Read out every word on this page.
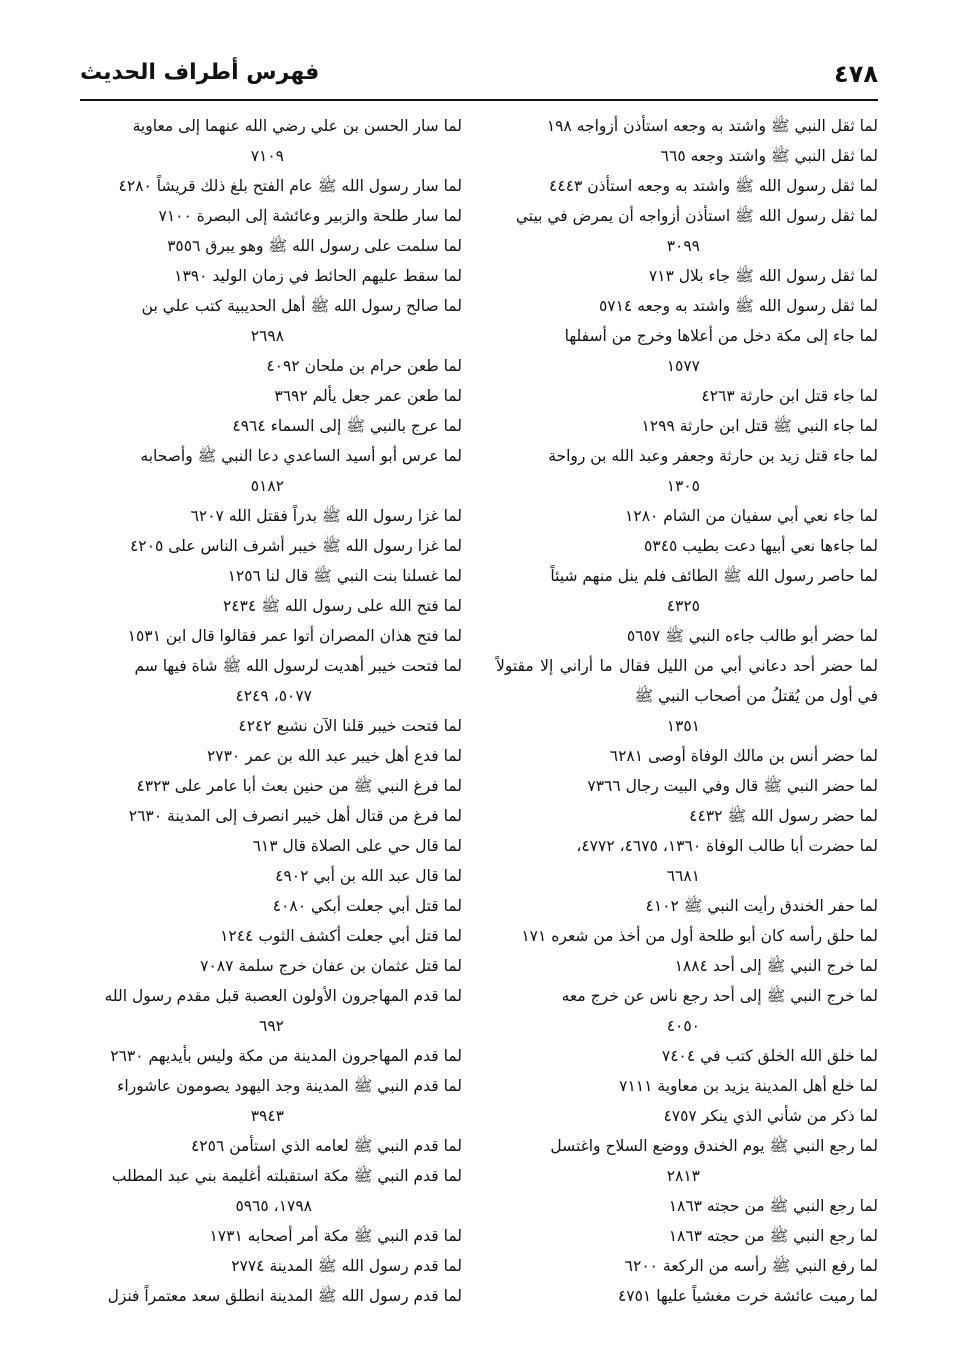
٤٧٨
فهرس أطراف الحديث
لما ثقل النبي ﷺ واشتد به وجعه استأذن أزواجه ١٩٨
لما ثقل النبي ﷺ واشتد وجعه ٦٦٥
لما ثقل رسول الله ﷺ واشتد به وجعه استأذن ٤٤٤٣
لما ثقل رسول الله ﷺ استأذن أزواجه أن يمرض في بيتي
٣٠٩٩
لما ثقل رسول الله ﷺ جاء بلال ٧١٣
لما ثقل رسول الله ﷺ واشتد به وجعه ٥٧١٤
لما جاء إلى مكة دخل من أعلاها وخرج من أسفلها
١٥٧٧
لما جاء قتل ابن حارثة ٤٢٦٣
لما جاء النبي ﷺ قتل ابن حارثة ١٢٩٩
لما جاء قتل زيد بن حارثة وجعفر وعبد الله بن رواحة
١٣٠٥
لما جاء نعي أبي سفيان من الشام ١٢٨٠
لما جاءها نعي أبيها دعت بطيب ٥٣٤٥
لما حاصر رسول الله ﷺ الطائف فلم ينل منهم شيئاً
٤٣٢٥
لما حضر أبو طالب جاءه النبي ﷺ ٥٦٥٧
لما حضر أحد دعاني أبي من الليل فقال ما أراني إلا مقتولاً في أول من يُقتلُ من أصحاب النبي ﷺ
١٣٥١
لما حضر أنس بن مالك الوفاة أوصى ٦٢٨١
لما حضر النبي ﷺ قال وفي البيت رجال ٧٣٦٦
لما حضر رسول الله ﷺ ٤٤٣٢
لما حضرت أبا طالب الوفاة ١٣٦٠، ٤٦٧٥، ٤٧٧٢،
٦٦٨١
لما حفر الخندق رأيت النبي ﷺ ٤١٠٢
لما حلق رأسه كان أبو طلحة أول من أخذ من شعره ١٧١
لما خرج النبي ﷺ إلى أحد ١٨٨٤
لما خرج النبي ﷺ إلى أحد رجع ناس عن خرج معه
٤٠٥٠
لما خلق الله الخلق كتب في ٧٤٠٤
لما خلع أهل المدينة يزيد بن معاوية ٧١١١
لما ذكر من شأني الذي ينكر ٤٧٥٧
لما رجع النبي ﷺ يوم الخندق ووضع السلاح واغتسل
٢٨١٣
لما رجع النبي ﷺ من حجته ١٨٦٣
لما رجع النبي ﷺ من حجته ١٨٦٣
لما رفع النبي ﷺ رأسه من الركعة ٦٢٠٠
لما رميت عائشة خرت مغشياً عليها ٤٧٥١
لما سار الحسن بن علي رضي الله عنهما إلى معاوية
٧١٠٩
لما سار رسول الله ﷺ عام الفتح بلغ ذلك قريشاً ٤٢٨٠
لما سار طلحة والزبير وعائشة إلى البصرة ٧١٠٠
لما سلمت على رسول الله ﷺ وهو يبرق ٣٥٥٦
لما سقط عليهم الحائط في زمان الوليد ١٣٩٠
لما صالح رسول الله ﷺ أهل الحديبية كتب علي بن
٢٦٩٨
لما طعن حرام بن ملحان ٤٠٩٢
لما طعن عمر جعل يألم ٣٦٩٢
لما عرج بالنبي ﷺ إلى السماء ٤٩٦٤
لما عرس أبو أسيد الساعدي دعا النبي ﷺ وأصحابه
٥١٨٢
لما غزا رسول الله ﷺ بدراً فقتل الله ٦٢٠٧
لما غزا رسول الله ﷺ خيبر أشرف الناس على ٤٢٠٥
لما غسلنا بنت النبي ﷺ قال لنا ١٢٥٦
لما فتح الله على رسول الله ﷺ ٢٤٣٤
لما فتح هذان المصران أتوا عمر فقالوا قال ابن ١٥٣١
لما فتحت خيبر أهديت لرسول الله ﷺ شاة فيها سم
٥٠٧٧، ٤٢٤٩
لما فتحت خيبر قلنا الآن نشبع ٤٢٤٢
لما فدع أهل خيبر عبد الله بن عمر ٢٧٣٠
لما فرغ النبي ﷺ من حنين بعث أبا عامر على ٤٣٢٣
لما فرغ من قتال أهل خيبر انصرف إلى المدينة ٢٦٣٠
لما قال حي على الصلاة قال ٦١٣
لما قال عبد الله بن أبي ٤٩٠٢
لما قتل أبي جعلت أبكي ٤٠٨٠
لما قتل أبي جعلت أكشف الثوب ١٢٤٤
لما قتل عثمان بن عفان خرج سلمة ٧٠٨٧
لما قدم المهاجرون الأولون العصبة قبل مقدم رسول الله
٦٩٢
لما قدم المهاجرون المدينة من مكة وليس بأيديهم ٢٦٣٠
لما قدم النبي ﷺ المدينة وجد اليهود يصومون عاشوراء
٣٩٤٣
لما قدم النبي ﷺ لعامه الذي استأمن ٤٢٥٦
لما قدم النبي ﷺ مكة استقبلته أغليمة بني عبد المطلب
١٧٩٨، ٥٩٦٥
لما قدم النبي ﷺ مكة أمر أصحابه ١٧٣١
لما قدم رسول الله ﷺ المدينة ٢٧٧٤
لما قدم رسول الله ﷺ المدينة انطلق سعد معتمراً فنزل
